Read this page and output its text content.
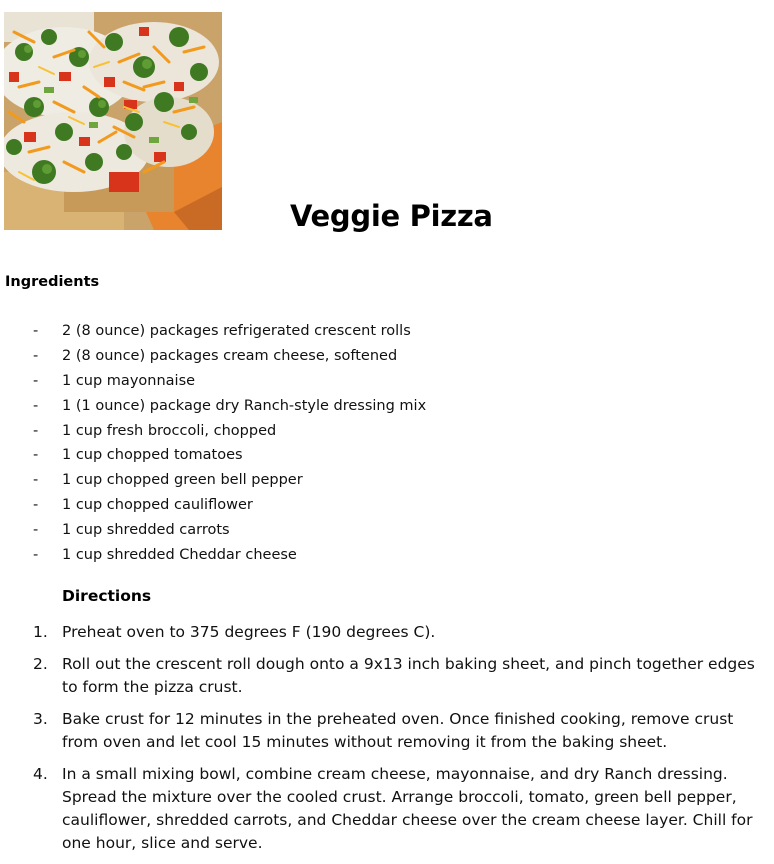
Veggie Pizza
Ingredients
- 2 (8 ounce) packages refrigerated crescent rolls
- 2 (8 ounce) packages cream cheese, softened
- 1 cup mayonnaise
- 1 (1 ounce) package dry Ranch-style dressing mix
- 1 cup fresh broccoli, chopped
- 1 cup chopped tomatoes
- 1 cup chopped green bell pepper
- 1 cup chopped cauliflower
- 1 cup shredded carrots
- 1 cup shredded Cheddar cheese
Directions
1. Preheat oven to 375 degrees F (190 degrees C).
2. Roll out the crescent roll dough onto a 9x13 inch baking sheet, and pinch together edges to form the pizza crust.
3. Bake crust for 12 minutes in the preheated oven. Once finished cooking, remove crust from oven and let cool 15 minutes without removing it from the baking sheet.
4. In a small mixing bowl, combine cream cheese, mayonnaise, and dry Ranch dressing. Spread the mixture over the cooled crust. Arrange broccoli, tomato, green bell pepper, cauliflower, shredded carrots, and Cheddar cheese over the cream cheese layer. Chill for one hour, slice and serve.
